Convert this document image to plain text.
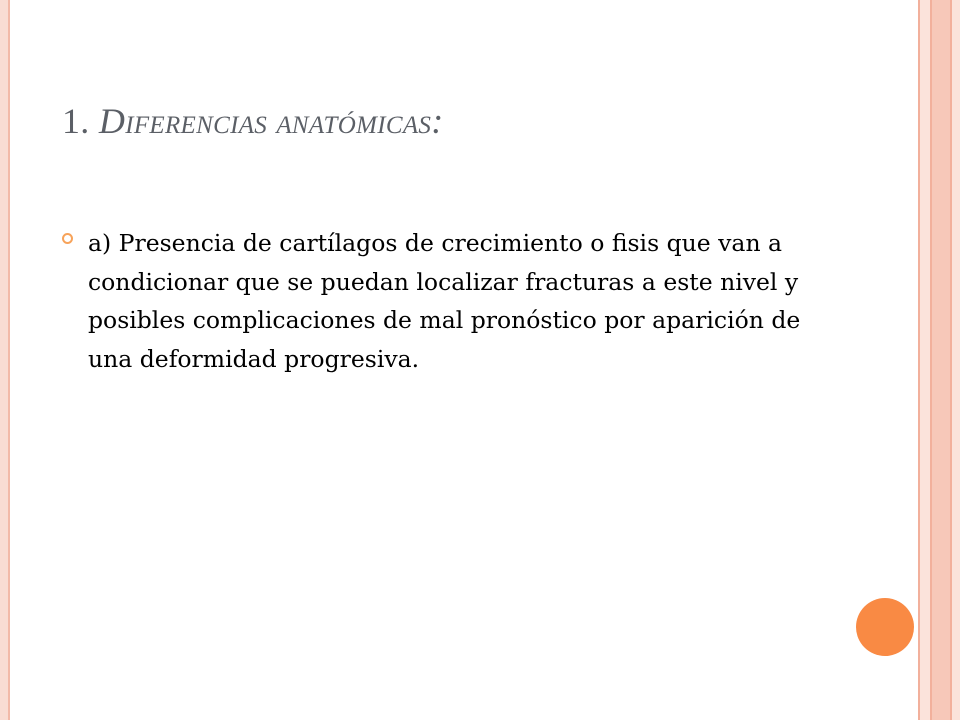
1. Diferencias anatómicas:

a) Presencia de cartílagos de crecimiento o fisis que van a condicionar que se puedan localizar fracturas a este nivel y posibles complicaciones de mal pronóstico por aparición de una deformidad progresiva.
